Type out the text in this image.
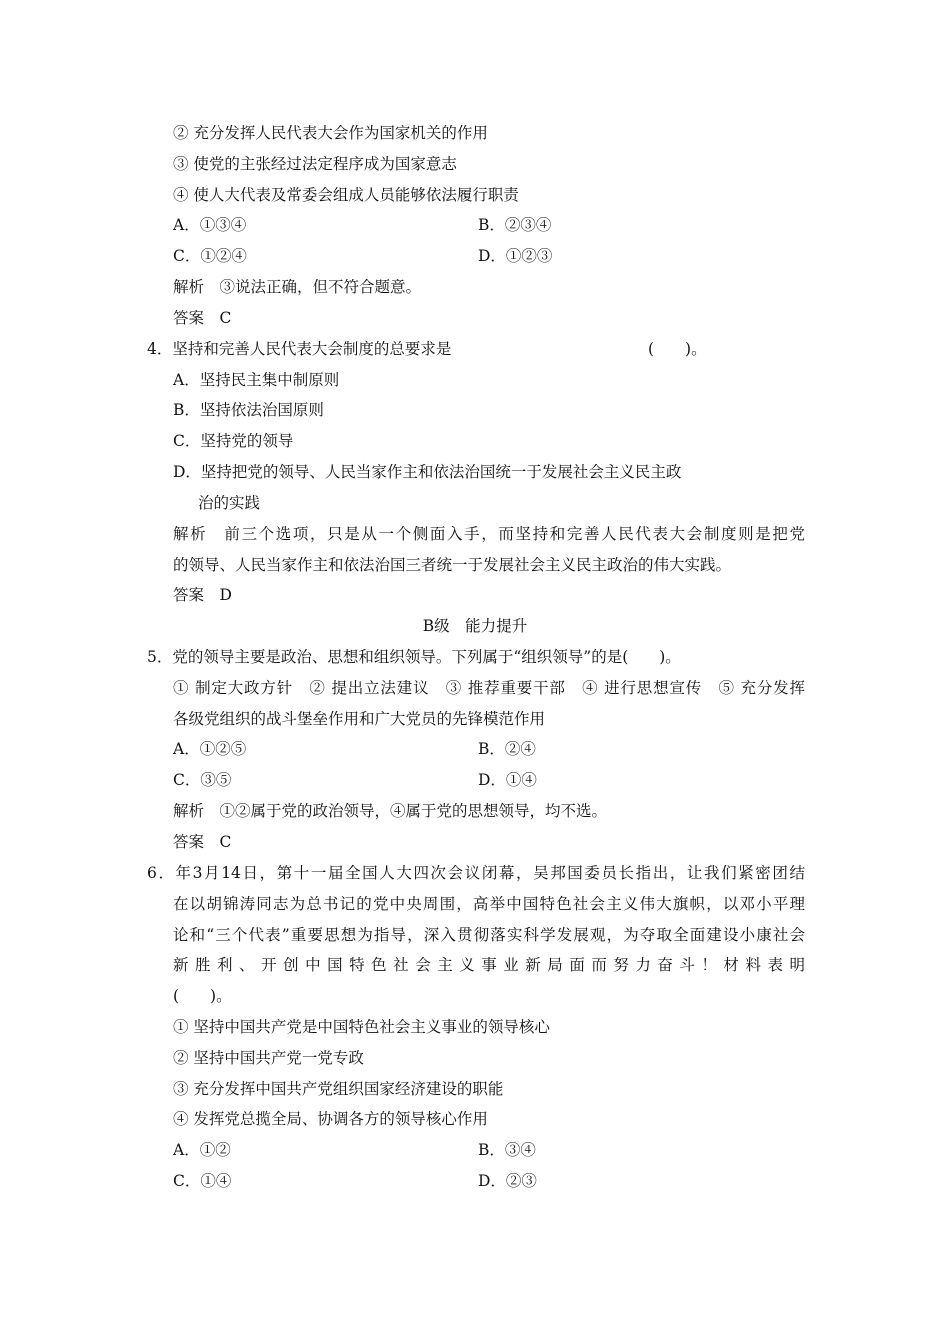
② 充分发挥人民代表大会作为国家机关的作用
③ 使党的主张经过法定程序成为国家意志
④ 使人大代表及常委会组成人员能够依法履行职责
A．①③④	B．②③④
C．①②④	D．①②③
解析　③说法正确，但不符合题意。
答案　C
4．坚持和完善人民代表大会制度的总要求是	(　　)。
A．坚持民主集中制原则
B．坚持依法治国原则
C．坚持党的领导
D．坚持把党的领导、人民当家作主和依法治国统一于发展社会主义民主政
治的实践
解析　前三个选项，只是从一个侧面入手，而坚持和完善人民代表大会制度则是把党
的领导、人民当家作主和依法治国三者统一于发展社会主义民主政治的伟大实践。
答案　D
B级　能力提升
5．党的领导主要是政治、思想和组织领导。下列属于“组织领导”的是(　　)。
① 制定大政方针　② 提出立法建议　③ 推荐重要干部　④ 进行思想宣传　⑤ 充分发挥
各级党组织的战斗堡垒作用和广大党员的先锋模范作用
A．①②⑤	B．②④
C．③⑤	D．①④
解析　①②属于党的政治领导，④属于党的思想领导，均不选。
答案　C
6．年3月14日，第十一届全国人大四次会议闭幕，吴邦国委员长指出，让我们紧密团结
在以胡锦涛同志为总书记的党中央周围，高举中国特色社会主义伟大旗帜，以邓小平理
论和“三个代表”重要思想为指导，深入贯彻落实科学发展观，为夺取全面建设小康社会
新胜利、开创中国特色社会主义事业新局面而努力奋斗！材料表明
(　　)。
① 坚持中国共产党是中国特色社会主义事业的领导核心
② 坚持中国共产党一党专政
③ 充分发挥中国共产党组织国家经济建设的职能
④ 发挥党总揽全局、协调各方的领导核心作用
A．①②	B．③④
C．①④	D．②③
